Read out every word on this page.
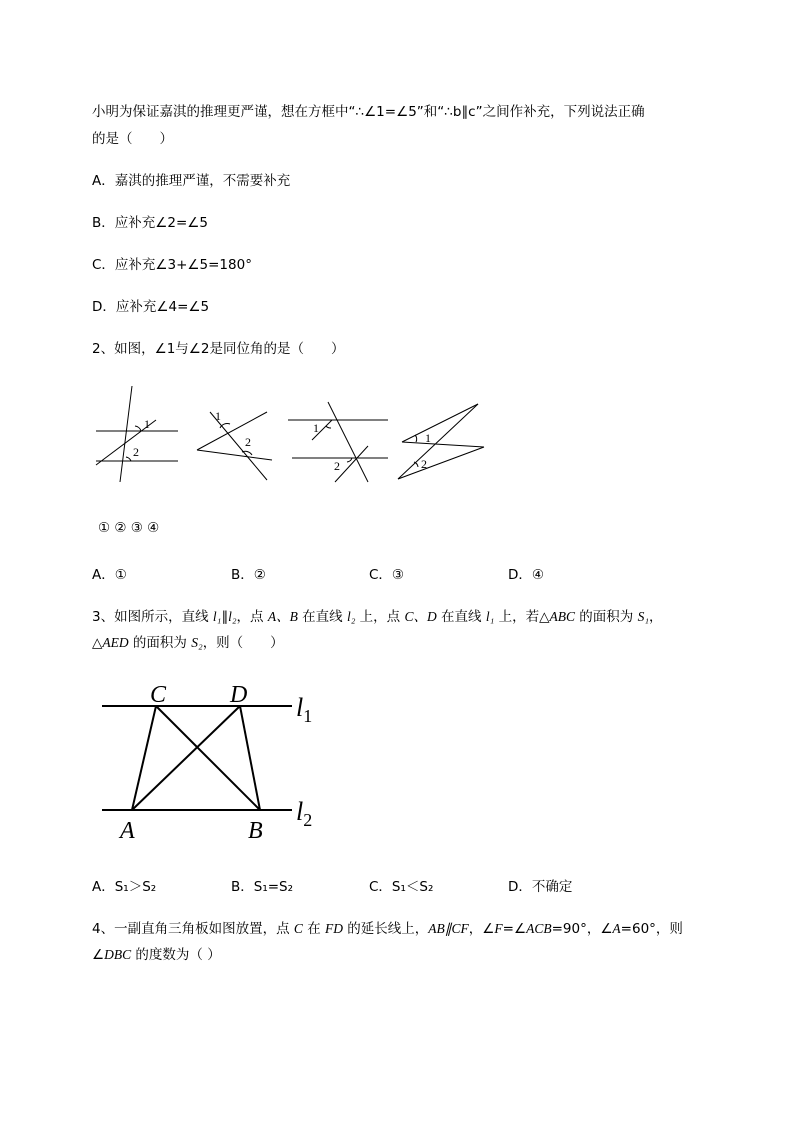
小明为保证嘉淇的推理更严谨，想在方框中“∴∠1=∠5”和“∴b∥c”之间作补充，下列说法正确
的是（　　）
A．嘉淇的推理严谨，不需要补充
B．应补充∠2=∠5
C．应补充∠3+∠5=180°
D．应补充∠4=∠5
2、如图，∠1与∠2是同位角的是（　　）
1
2
1
2
1
2
1
2
① ② ③ ④
A．①	B．②	C．③	D．④
3、如图所示，直线 l₁∥l₂，点 A、B 在直线 l₂ 上，点 C、D 在直线 l₁ 上，若△ABC 的面积为 S₁，
△AED 的面积为 S₂，则（　　）
C	D
A	B
$l_1$
$l_2$
A．S₁＞S₂	B．S₁=S₂	C．S₁＜S₂	D．不确定
4、一副直角三角板如图放置，点 C 在 FD 的延长线上，AB∥CF，∠F=∠ACB=90°，∠A=60°，则
∠DBC 的度数为（ ）
